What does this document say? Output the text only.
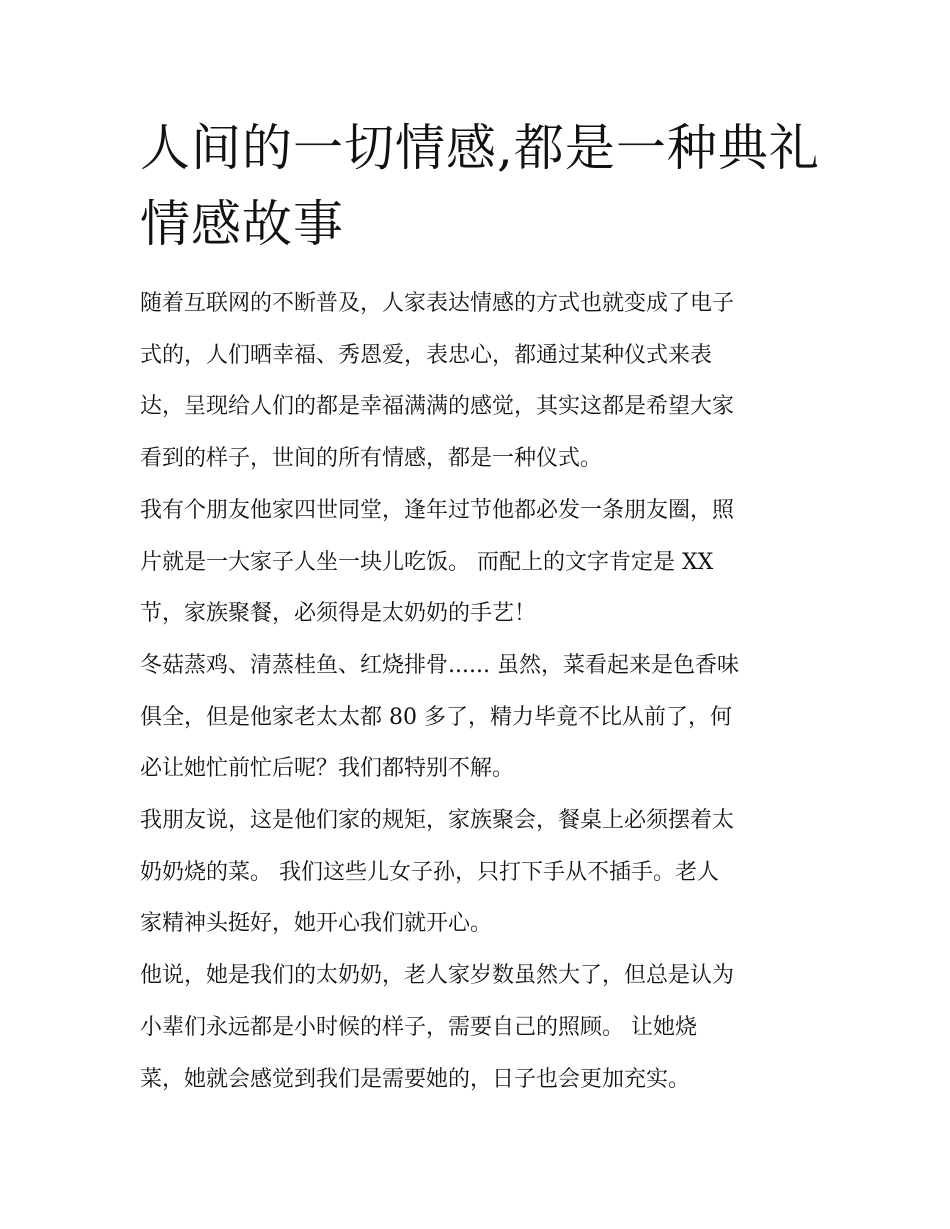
人间的一切情感,都是一种典礼
情感故事

随着互联网的不断普及，人家表达情感的方式也就变成了电子
式的，人们晒幸福、秀恩爱，表忠心，都通过某种仪式来表
达，呈现给人们的都是幸福满满的感觉，其实这都是希望大家
看到的样子，世间的所有情感，都是一种仪式。

我有个朋友他家四世同堂，逢年过节他都必发一条朋友圈，照
片就是一大家子人坐一块儿吃饭。 而配上的文字肯定是 XX
节，家族聚餐，必须得是太奶奶的手艺！

冬菇蒸鸡、清蒸桂鱼、红烧排骨...... 虽然，菜看起来是色香味
俱全，但是他家老太太都 80 多了，精力毕竟不比从前了，何
必让她忙前忙后呢？我们都特别不解。

我朋友说，这是他们家的规矩，家族聚会，餐桌上必须摆着太
奶奶烧的菜。 我们这些儿女子孙，只打下手从不插手。老人
家精神头挺好，她开心我们就开心。

他说，她是我们的太奶奶，老人家岁数虽然大了，但总是认为
小辈们永远都是小时候的样子，需要自己的照顾。 让她烧
菜，她就会感觉到我们是需要她的，日子也会更加充实。
